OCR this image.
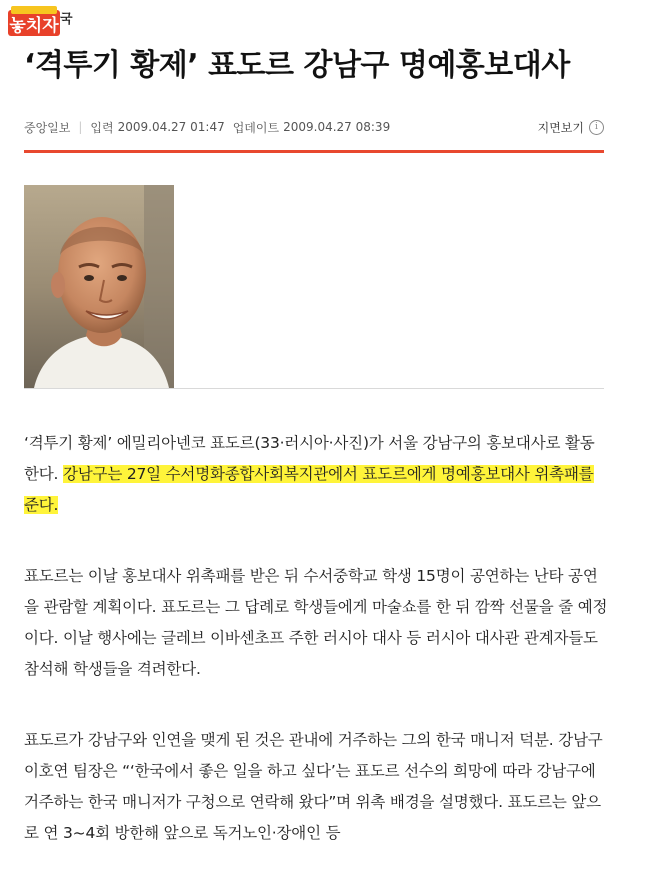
놓치자 국
‘격투기 황제’ 표도르 강남구 명예홍보대사
중앙일보 | 입력 2009.04.27 01:47 업데이트 2009.04.27 08:39	지면보기	i

‘격투기 황제’ 에밀리아넨코 표도르(33·러시아·사진)가 서울 강남구의 홍보대사로 활동한다. 강남구는 27일 수서명화종합사회복지관에서 표도르에게 명예홍보대사 위촉패를 준다.

표도르는 이날 홍보대사 위촉패를 받은 뒤 수서중학교 학생 15명이 공연하는 난타 공연을 관람할 계획이다. 표도르는 그 답례로 학생들에게 마술쇼를 한 뒤 깜짝 선물을 줄 예정이다. 이날 행사에는 글레브 이바센초프 주한 러시아 대사 등 러시아 대사관 관계자들도 참석해 학생들을 격려한다.

표도르가 강남구와 인연을 맺게 된 것은 관내에 거주하는 그의 한국 매니저 덕분. 강남구 이호연 팀장은 “‘한국에서 좋은 일을 하고 싶다’는 표도르 선수의 희망에 따라 강남구에 거주하는 한국 매니저가 구청으로 연락해 왔다”며 위촉 배경을 설명했다. 표도르는 앞으로 연 3~4회 방한해 앞으로 독거노인·장애인 등
